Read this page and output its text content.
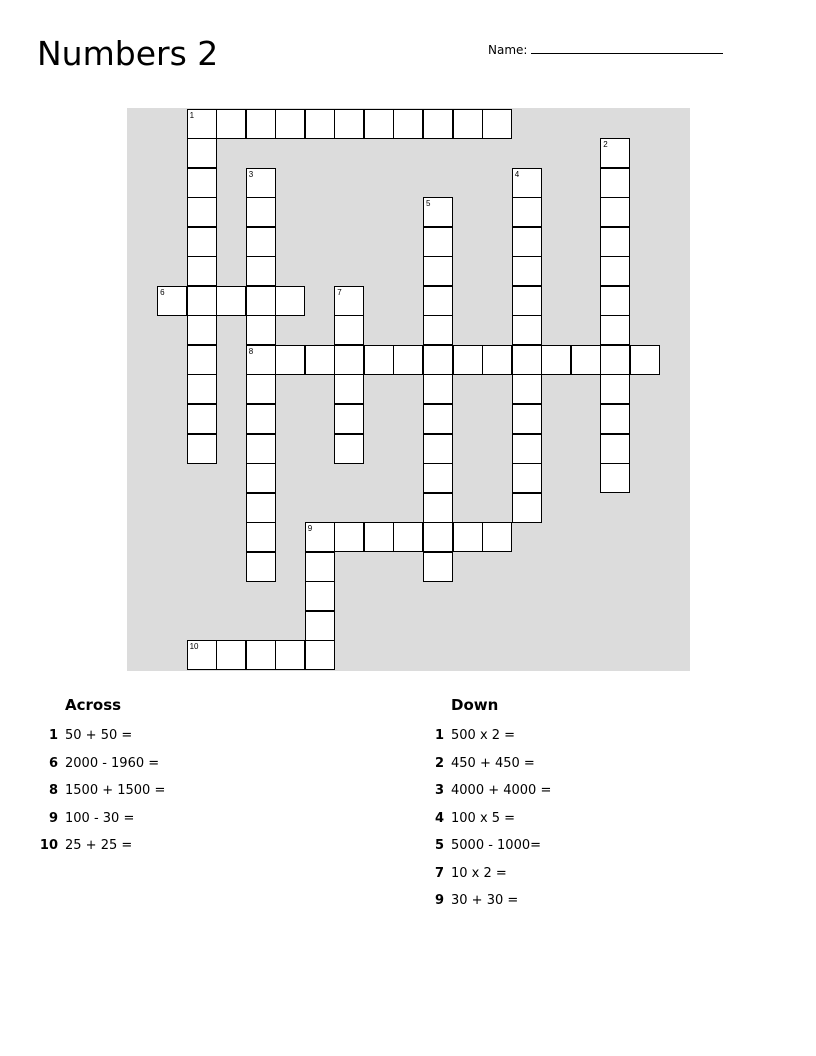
Numbers 2	Name:
1
2
3	4
5
6	7
8
9
10
Across
1 50 + 50 =
6 2000 - 1960 =
8 1500 + 1500 =
9 100 - 30 =
10 25 + 25 =
Down
1 500 x 2 =
2 450 + 450 =
3 4000 + 4000 =
4 100 x 5 =
5 5000 - 1000=
7 10 x 2 =
9 30 + 30 =
